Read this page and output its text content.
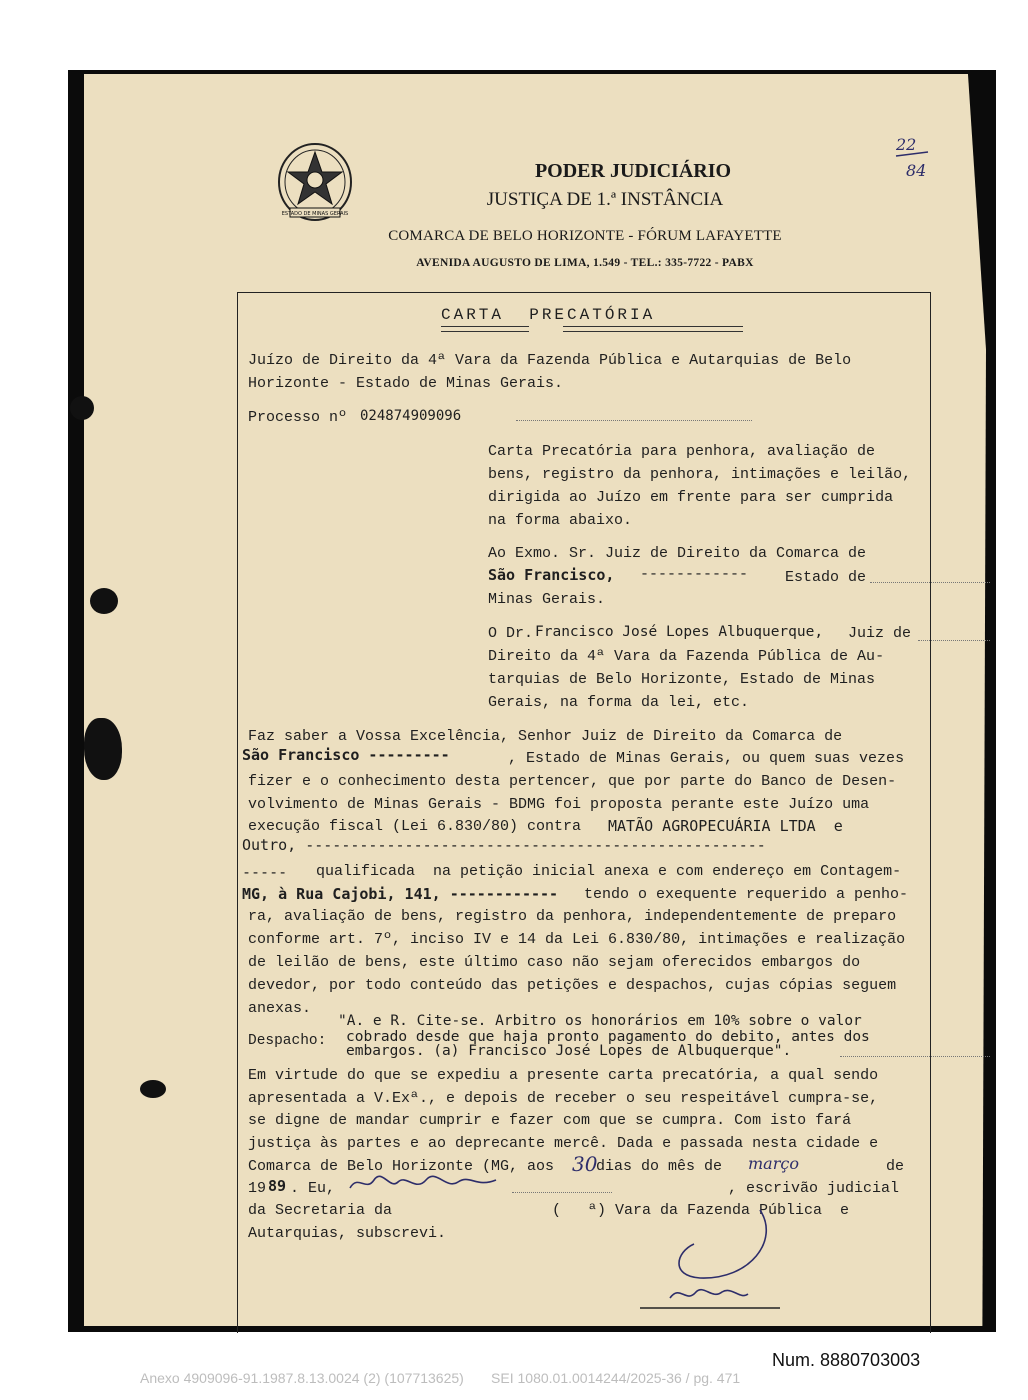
ESTADO DE MINAS GERAIS
PODER JUDICIÁRIO
JUSTIÇA DE 1.ª INSTÂNCIA
COMARCA DE BELO HORIZONTE - FÓRUM LAFAYETTE
AVENIDA AUGUSTO DE LIMA, 1.549 - TEL.: 335-7722 - PABX
22
84
CARTA  PRECATÓRIA
Juízo de Direito da 4ª Vara da Fazenda Pública e Autarquias de Belo
Horizonte - Estado de Minas Gerais.
Processo nº 024874909096
Carta Precatória para penhora, avaliação de
bens, registro da penhora, intimações e leilão,
dirigida ao Juízo em frente para ser cumprida
na forma abaixo.
Ao Exmo. Sr. Juiz de Direito da Comarca de
São Francisco, ------------ Estado de
Minas Gerais.
O Dr. Francisco José Lopes Albuquerque, Juiz de
Direito da 4ª Vara da Fazenda Pública de Au-
tarquias de Belo Horizonte, Estado de Minas
Gerais, na forma da lei, etc.
Faz saber a Vossa Excelência, Senhor Juiz de Direito da Comarca de
São Francisco ---------	, Estado de Minas Gerais, ou quem suas vezes
fizer e o conhecimento desta pertencer, que por parte do Banco de Desen-
volvimento de Minas Gerais - BDMG foi proposta perante este Juízo uma
execução fiscal (Lei 6.830/80) contra MATÃO AGROPECUÁRIA LTDA  e
Outro, ---------------------------------------------------
----- qualificada  na petição inicial anexa e com endereço em Contagem-
MG, à Rua Cajobi, 141, ------------ tendo o exequente requerido a penho-
ra, avaliação de bens, registro da penhora, independentemente de preparo
conforme art. 7º, inciso IV e 14 da Lei 6.830/80, intimações e realização
de leilão de bens, este último caso não sejam oferecidos embargos do
devedor, por todo conteúdo das petições e despachos, cujas cópias seguem
anexas.
Despacho:
"A. e R. Cite-se. Arbitro os honorários em 10% sobre o valor
cobrado desde que haja pronto pagamento do debito, antes dos
embargos. (a) Francisco José Lopes de Albuquerque".
Em virtude do que se expediu a presente carta precatória, a qual sendo
apresentada a V.Exª., e depois de receber o seu respeitável cumpra-se,
se digne de mandar cumprir e fazer com que se cumpra. Com isto fará
justiça às partes e ao deprecante mercê. Dada e passada nesta cidade e
Comarca de Belo Horizonte (MG, aos 30
dias do mês de março	de
19 89 . Eu,	, escrivão judicial
da Secretaria da	(   ª) Vara da Fazenda Pública  e
Autarquias, subscrevi.
Num. 8880703003
Anexo 4909096-91.1987.8.13.0024 (2) (107713625)       SEI 1080.01.0014244/2025-36 / pg. 471
